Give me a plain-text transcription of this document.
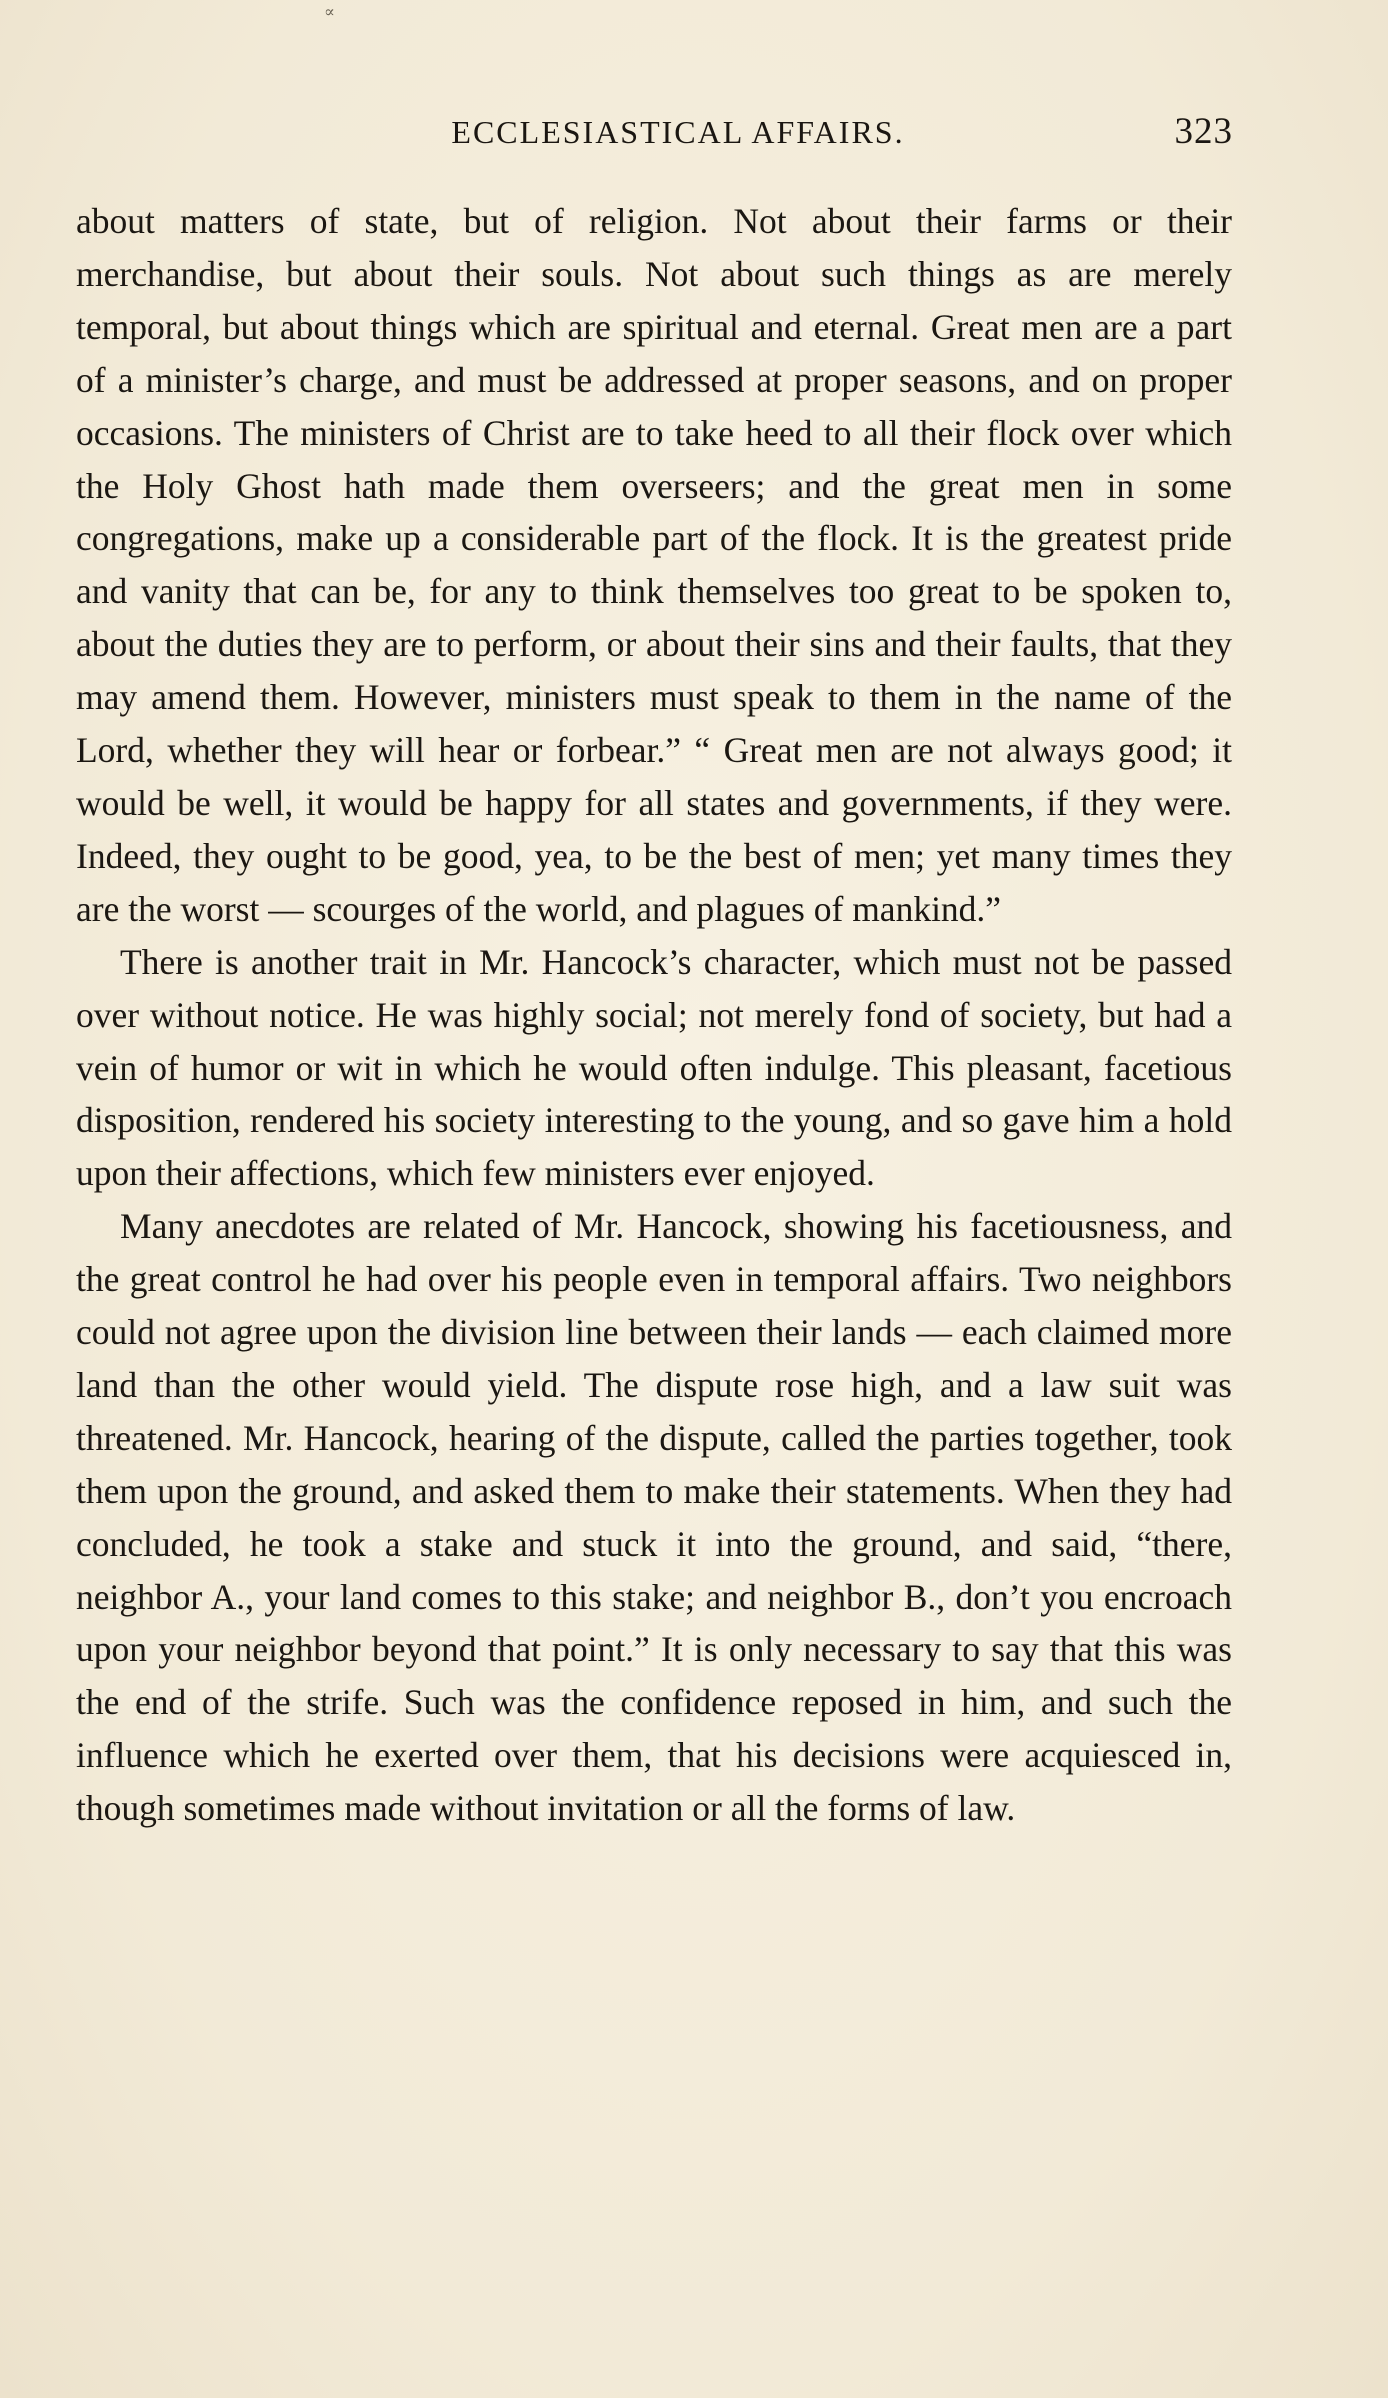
∝
ECCLESIASTICAL AFFAIRS.	323

about matters of state, but of religion. Not about their farms or their merchandise, but about their souls. Not about such things as are merely temporal, but about things which are spiritual and eternal. Great men are a part of a minister’s charge, and must be addressed at proper seasons, and on proper occasions. The ministers of Christ are to take heed to all their flock over which the Holy Ghost hath made them overseers; and the great men in some congregations, make up a considerable part of the flock. It is the greatest pride and vanity that can be, for any to think themselves too great to be spoken to, about the duties they are to perform, or about their sins and their faults, that they may amend them. However, ministers must speak to them in the name of the Lord, whether they will hear or forbear.” “ Great men are not always good; it would be well, it would be happy for all states and governments, if they were. Indeed, they ought to be good, yea, to be the best of men; yet many times they are the worst — scourges of the world, and plagues of mankind.”

There is another trait in Mr. Hancock’s character, which must not be passed over without notice. He was highly social; not merely fond of society, but had a vein of humor or wit in which he would often indulge. This pleasant, facetious disposition, rendered his society interesting to the young, and so gave him a hold upon their affections, which few ministers ever enjoyed.

Many anecdotes are related of Mr. Hancock, showing his facetiousness, and the great control he had over his people even in temporal affairs. Two neighbors could not agree upon the division line between their lands — each claimed more land than the other would yield. The dispute rose high, and a law suit was threatened. Mr. Hancock, hearing of the dispute, called the parties together, took them upon the ground, and asked them to make their statements. When they had concluded, he took a stake and stuck it into the ground, and said, “there, neighbor A., your land comes to this stake; and neighbor B., don’t you encroach upon your neighbor beyond that point.” It is only necessary to say that this was the end of the strife. Such was the confidence reposed in him, and such the influence which he exerted over them, that his decisions were acquiesced in, though sometimes made without invitation or all the forms of law.
